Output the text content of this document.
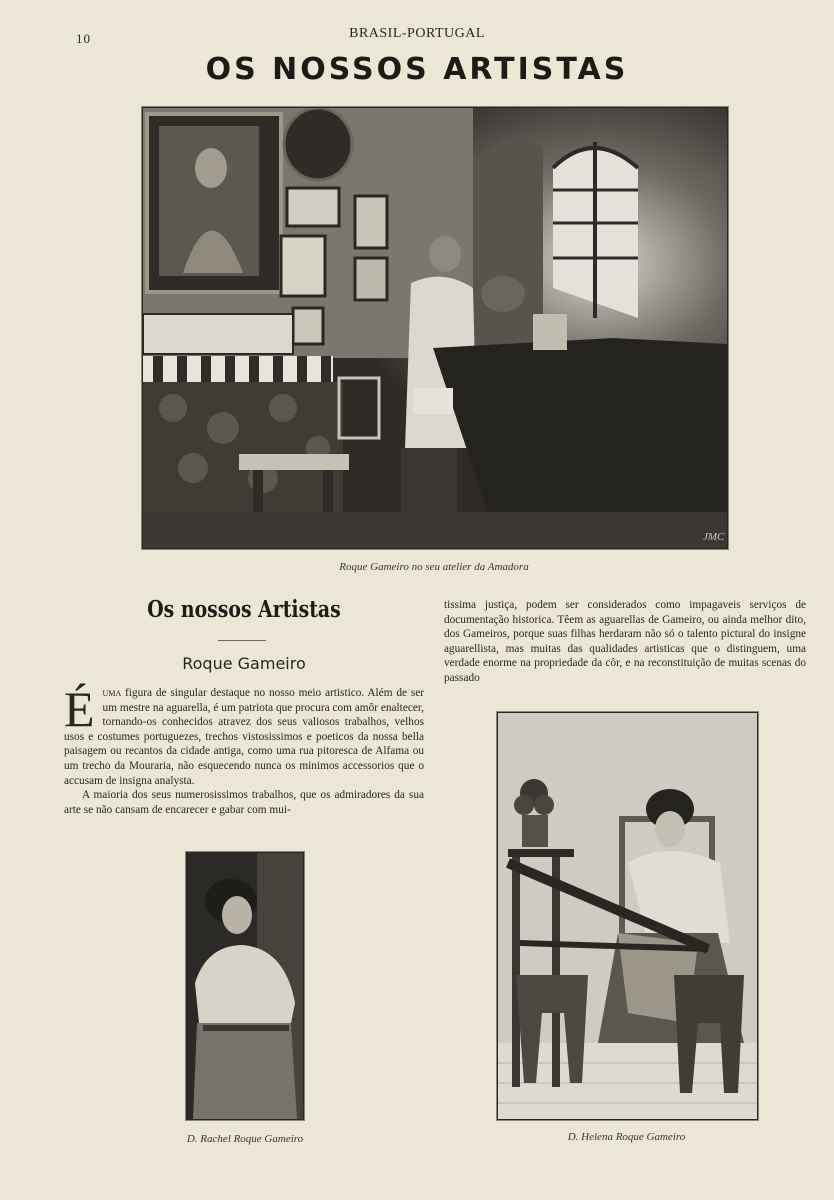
10	BRASIL-PORTUGAL
OS NOSSOS ARTISTAS
JMC
Roque Gameiro no seu atelier da Amadora
Os nossos Artistas
Roque Gameiro

Éuma figura de singular destaque no nosso meio artistico. Além de ser um mestre na aguarella, é um patriota que procura com amôr enaltecer, tornando-os conhecidos atravez dos seus valiosos trabalhos, velhos usos e costumes portuguezes, trechos vistosissimos e poeticos da nossa bella paisagem ou recantos da cidade antiga, como uma rua pitoresca de Alfama ou um trecho da Mouraria, não esquecendo nunca os minimos accessorios que o accusam de insigna analysta.

A maioria dos seus numerosissimos trabalhos, que os admiradores da sua arte se não cansam de encarecer e gabar com mui-

tissima justiça, podem ser considerados como impagaveis serviços de documentação historica. Têem as aguarellas de Gameiro, ou ainda melhor dito, dos Gameiros, porque suas filhas herdaram não só o talento pictural do insigne aguarellista, mas muitas das qualidades artisticas que o distinguem, uma verdade enorme na propriedade da côr, e na reconstituição de muitas scenas do passado
D. Rachel Roque Gameiro	D. Helena Roque Gameiro
